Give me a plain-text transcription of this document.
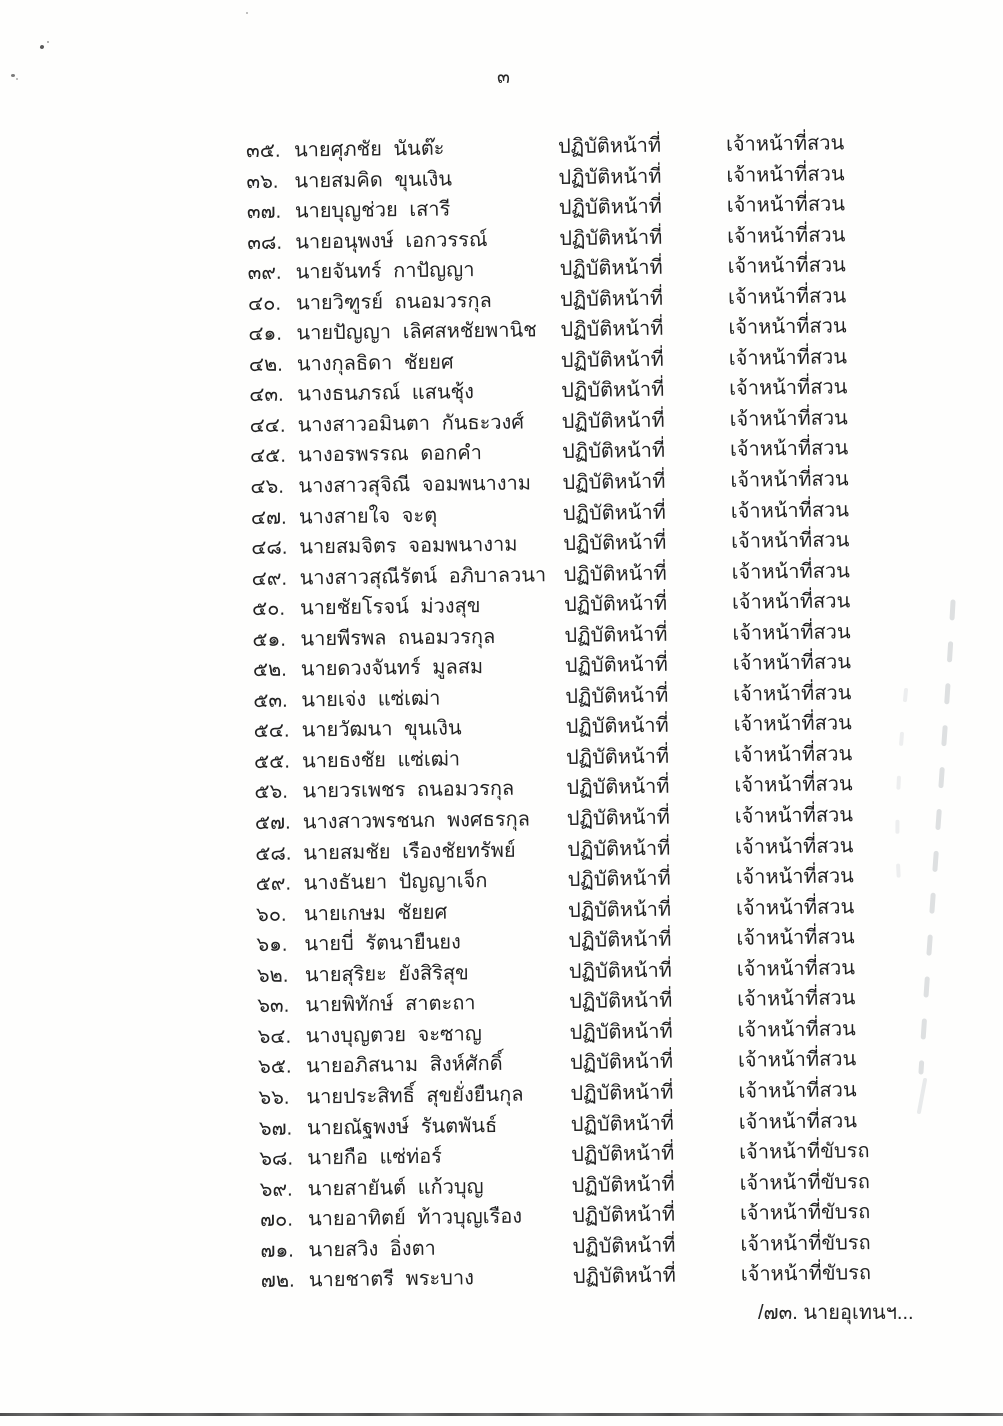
๓
๓๕. นายศุภชัย นันต๊ะ	ปฏิบัติหน้าที่	เจ้าหน้าที่สวน
๓๖. นายสมคิด ขุนเงิน	ปฏิบัติหน้าที่	เจ้าหน้าที่สวน
๓๗. นายบุญช่วย เสารี	ปฏิบัติหน้าที่	เจ้าหน้าที่สวน
๓๘. นายอนุพงษ์ เอกวรรณ์	ปฏิบัติหน้าที่	เจ้าหน้าที่สวน
๓๙. นายจันทร์ กาปัญญา	ปฏิบัติหน้าที่	เจ้าหน้าที่สวน
๔๐. นายวิฑูรย์ ถนอมวรกุล	ปฏิบัติหน้าที่	เจ้าหน้าที่สวน
๔๑. นายปัญญา เลิศสหชัยพานิช	ปฏิบัติหน้าที่	เจ้าหน้าที่สวน
๔๒. นางกุลธิดา ชัยยศ	ปฏิบัติหน้าที่	เจ้าหน้าที่สวน
๔๓. นางธนภรณ์ แสนชุ้ง	ปฏิบัติหน้าที่	เจ้าหน้าที่สวน
๔๔. นางสาวอมินตา กันธะวงศ์	ปฏิบัติหน้าที่	เจ้าหน้าที่สวน
๔๕. นางอรพรรณ ดอกคำ	ปฏิบัติหน้าที่	เจ้าหน้าที่สวน
๔๖. นางสาวสุจิณี จอมพนางาม	ปฏิบัติหน้าที่	เจ้าหน้าที่สวน
๔๗. นางสายใจ จะตุ	ปฏิบัติหน้าที่	เจ้าหน้าที่สวน
๔๘. นายสมจิตร จอมพนางาม	ปฏิบัติหน้าที่	เจ้าหน้าที่สวน
๔๙. นางสาวสุณีรัตน์ อภิบาลวนา ปฏิบัติหน้าที่	เจ้าหน้าที่สวน
๕๐. นายชัยโรจน์ ม่วงสุข	ปฏิบัติหน้าที่	เจ้าหน้าที่สวน
๕๑. นายพีรพล ถนอมวรกุล	ปฏิบัติหน้าที่	เจ้าหน้าที่สวน
๕๒. นายดวงจันทร์ มูลสม	ปฏิบัติหน้าที่	เจ้าหน้าที่สวน
๕๓. นายเจ่ง แซ่เฒ่า	ปฏิบัติหน้าที่	เจ้าหน้าที่สวน
๕๔. นายวัฒนา ขุนเงิน	ปฏิบัติหน้าที่	เจ้าหน้าที่สวน
๕๕. นายธงชัย แซ่เฒ่า	ปฏิบัติหน้าที่	เจ้าหน้าที่สวน
๕๖. นายวรเพชร ถนอมวรกุล	ปฏิบัติหน้าที่	เจ้าหน้าที่สวน
๕๗. นางสาวพรชนก พงศธรกุล	ปฏิบัติหน้าที่	เจ้าหน้าที่สวน
๕๘. นายสมชัย เรืองชัยทรัพย์	ปฏิบัติหน้าที่	เจ้าหน้าที่สวน
๕๙. นางธันยา ปัญญาเจ็ก	ปฏิบัติหน้าที่	เจ้าหน้าที่สวน
๖๐. นายเกษม ชัยยศ	ปฏิบัติหน้าที่	เจ้าหน้าที่สวน
๖๑. นายบี่ รัตนายืนยง	ปฏิบัติหน้าที่	เจ้าหน้าที่สวน
๖๒. นายสุริยะ ยังสิริสุข	ปฏิบัติหน้าที่	เจ้าหน้าที่สวน
๖๓. นายพิทักษ์ สาตะถา	ปฏิบัติหน้าที่	เจ้าหน้าที่สวน
๖๔. นางบุญตวย จะซาญ	ปฏิบัติหน้าที่	เจ้าหน้าที่สวน
๖๕. นายอภิสนาม สิงห์ศักดิ์	ปฏิบัติหน้าที่	เจ้าหน้าที่สวน
๖๖. นายประสิทธิ์ สุขยั่งยืนกุล	ปฏิบัติหน้าที่	เจ้าหน้าที่สวน
๖๗. นายณัฐพงษ์ รันตพันธ์	ปฏิบัติหน้าที่	เจ้าหน้าที่สวน
๖๘. นายกือ แซ่ท่อร์	ปฏิบัติหน้าที่	เจ้าหน้าที่ขับรถ
๖๙. นายสายันต์ แก้วบุญ	ปฏิบัติหน้าที่	เจ้าหน้าที่ขับรถ
๗๐. นายอาทิตย์ ท้าวบุญเรือง	ปฏิบัติหน้าที่	เจ้าหน้าที่ขับรถ
๗๑. นายสวิง อิ่งตา	ปฏิบัติหน้าที่	เจ้าหน้าที่ขับรถ
๗๒. นายชาตรี พระบาง	ปฏิบัติหน้าที่	เจ้าหน้าที่ขับรถ
/๗๓. นายอุเทนฯ...
